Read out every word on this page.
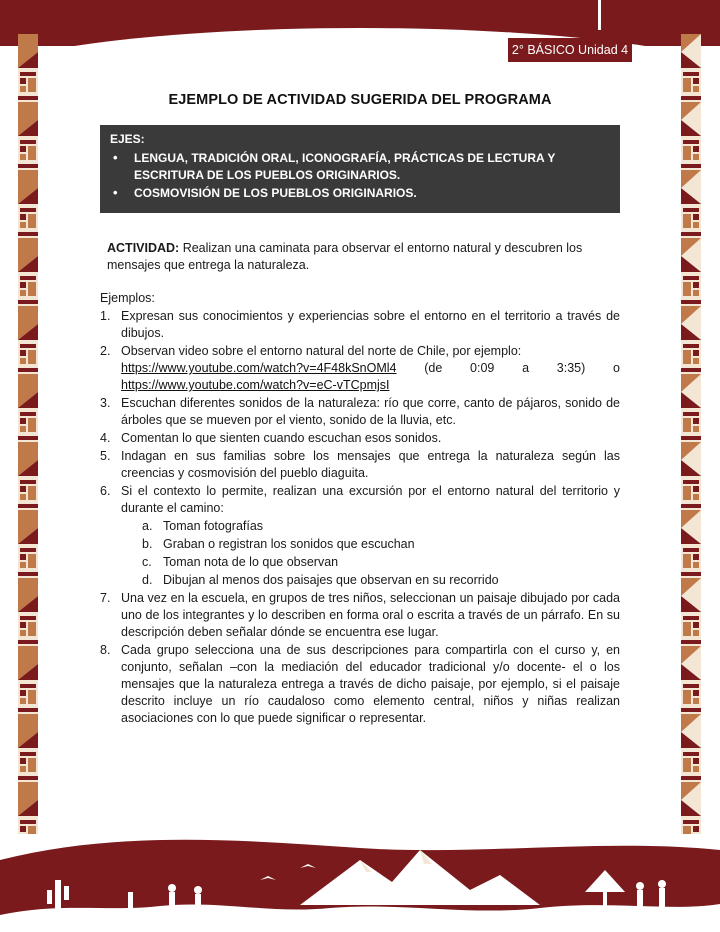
2° BÁSICO Unidad 4
EJEMPLO DE ACTIVIDAD SUGERIDA DEL PROGRAMA
EJES:
• LENGUA, TRADICIÓN ORAL, ICONOGRAFÍA, PRÁCTICAS DE LECTURA Y ESCRITURA DE LOS PUEBLOS ORIGINARIOS.
• COSMOVISIÓN DE LOS PUEBLOS ORIGINARIOS.
ACTIVIDAD: Realizan una caminata para observar el entorno natural y descubren los mensajes que entrega la naturaleza.
Ejemplos:
1. Expresan sus conocimientos y experiencias sobre el entorno en el territorio a través de dibujos.
2. Observan video sobre el entorno natural del norte de Chile, por ejemplo:
https://www.youtube.com/watch?v=4F48kSnOMl4 (de 0:09 a 3:35) o
https://www.youtube.com/watch?v=eC-vTCpmjsI
3. Escuchan diferentes sonidos de la naturaleza: río que corre, canto de pájaros, sonido de árboles que se mueven por el viento, sonido de la lluvia, etc.
4. Comentan lo que sienten cuando escuchan esos sonidos.
5. Indagan en sus familias sobre los mensajes que entrega la naturaleza según las creencias y cosmovisión del pueblo diaguita.
6. Si el contexto lo permite, realizan una excursión por el entorno natural del territorio y durante el camino:
a. Toman fotografías
b. Graban o registran los sonidos que escuchan
c. Toman nota de lo que observan
d. Dibujan al menos dos paisajes que observan en su recorrido
7. Una vez en la escuela, en grupos de tres niños, seleccionan un paisaje dibujado por cada uno de los integrantes y lo describen en forma oral o escrita a través de un párrafo. En su descripción deben señalar dónde se encuentra ese lugar.
8. Cada grupo selecciona una de sus descripciones para compartirla con el curso y, en conjunto, señalan –con la mediación del educador tradicional y/o docente- el o los mensajes que la naturaleza entrega a través de dicho paisaje, por ejemplo, si el paisaje descrito incluye un río caudaloso como elemento central, niños y niñas realizan asociaciones con lo que puede significar o representar.
